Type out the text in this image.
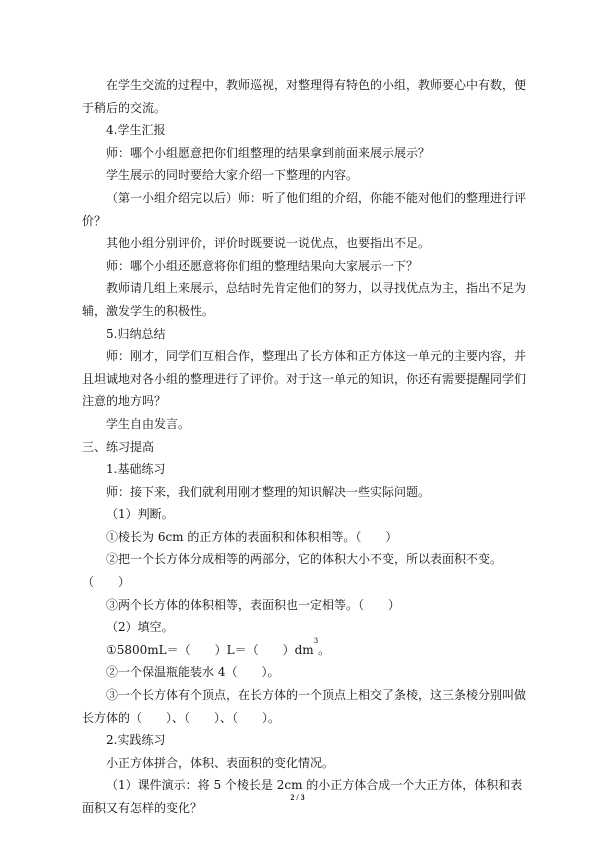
在学生交流的过程中，教师巡视，对整理得有特色的小组，教师要心中有数，便于稍后的交流。

4.学生汇报

师：哪个小组愿意把你们组整理的结果拿到前面来展示展示？

学生展示的同时要给大家介绍一下整理的内容。

（第一小组介绍完以后）师：听了他们组的介绍，你能不能对他们的整理进行评价？

其他小组分别评价，评价时既要说一说优点，也要指出不足。

师：哪个小组还愿意将你们组的整理结果向大家展示一下？

教师请几组上来展示，总结时先肯定他们的努力，以寻找优点为主，指出不足为辅，激发学生的积极性。

5.归纳总结

师：刚才，同学们互相合作，整理出了长方体和正方体这一单元的主要内容，并且坦诚地对各小组的整理进行了评价。对于这一单元的知识，你还有需要提醒同学们注意的地方吗？

学生自由发言。

三、练习提高

1.基础练习

师：接下来，我们就利用刚才整理的知识解决一些实际问题。

（1）判断。

①棱长为 6cm 的正方体的表面积和体积相等。（　　）

②把一个长方体分成相等的两部分，它的体积大小不变，所以表面积不变。（　　）

③两个长方体的体积相等，表面积也一定相等。（　　）

（2）填空。

①5800mL＝（　　）L＝（　　）$dm^3$。

②一个保温瓶能装水 4（　　）。

③一个长方体有个顶点，在长方体的一个顶点上相交了条棱，这三条棱分别叫做长方体的（　　）、（　　）、（　　）。

2.实践练习

小正方体拼合，体积、表面积的变化情况。

（1）课件演示：将 5 个棱长是 2cm 的小正方体合成一个大正方体，体积和表面积又有怎样的变化？

2 / 3
